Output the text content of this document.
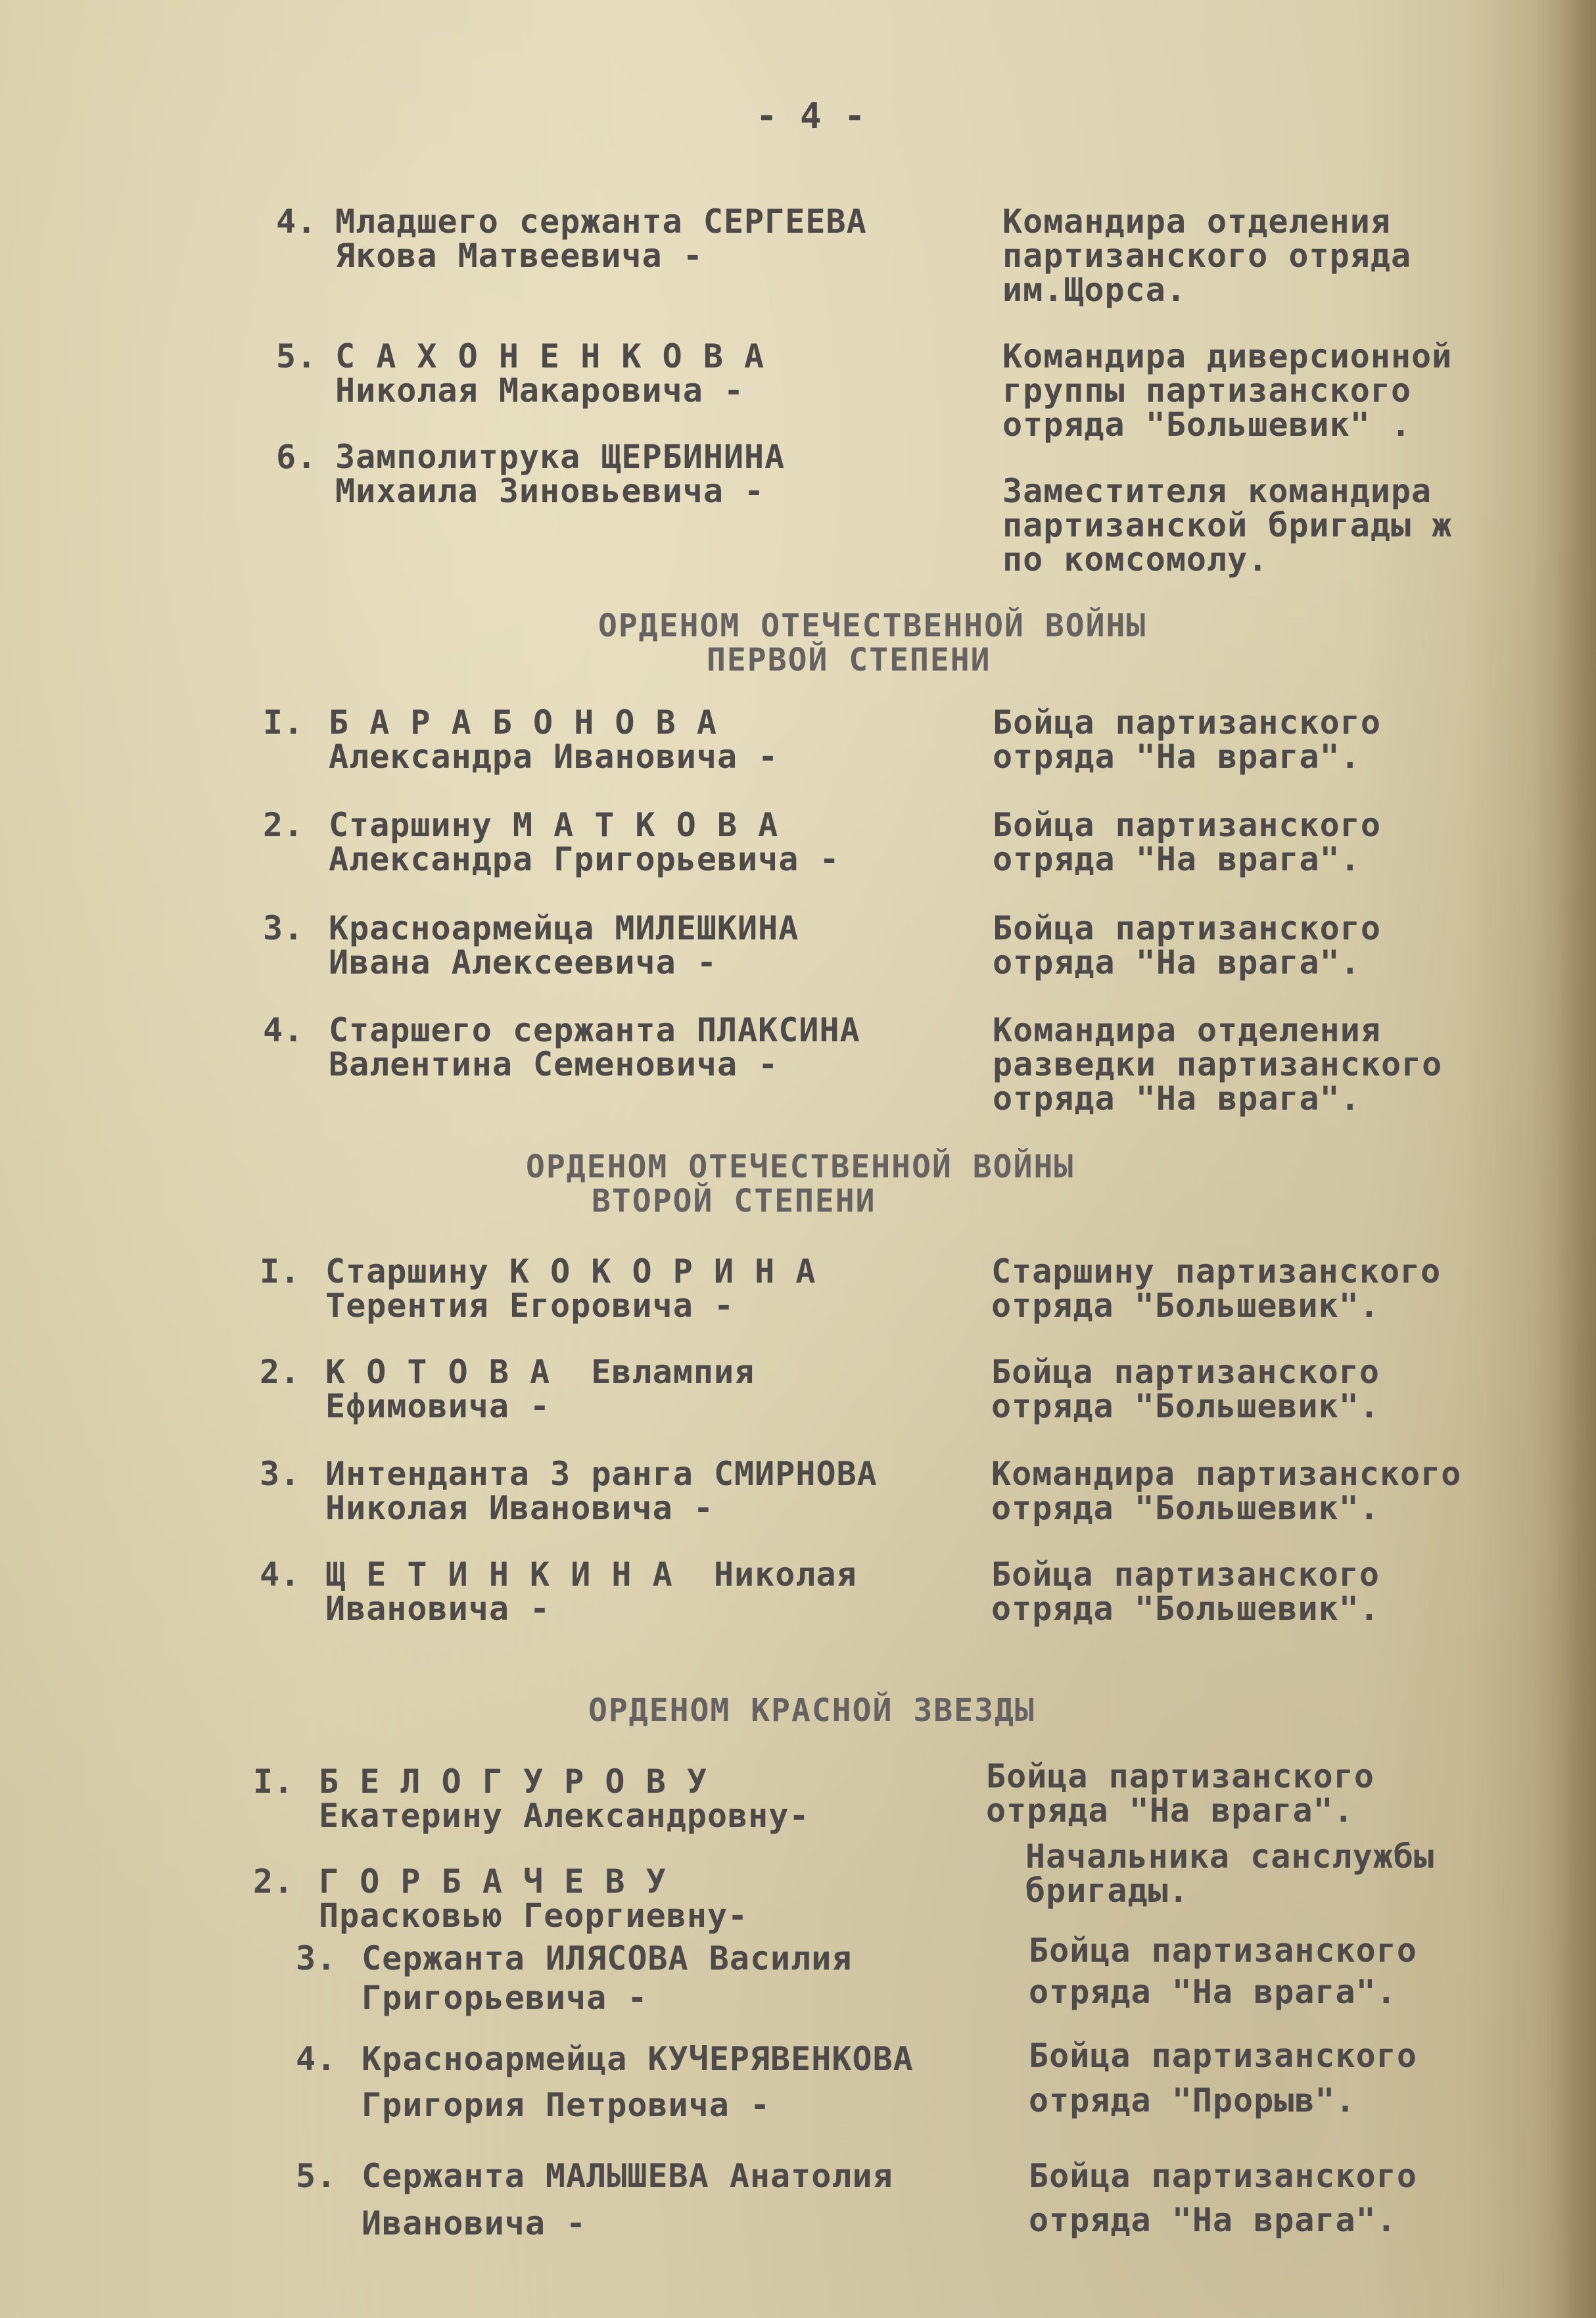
- 4 -
4. Младшего сержанта СЕРГЕЕВА
Якова Матвеевича -
Командира отделения
партизанского отряда
им.Щорса.
5. С А Х О Н Е Н К О В А
Николая Макаровича -
Командира диверсионной
группы партизанского
отряда "Большевик" .
6. Замполитрука ЩЕРБИНИНА
Михаила Зиновьевича -	Заместителя командира
партизанской бригады ж
по комсомолу.
ОРДЕНОМ ОТЕЧЕСТВЕННОЙ ВОЙНЫ
ПЕРВОЙ СТЕПЕНИ
I. Б А Р А Б О Н О В А
Александра Ивановича -
Бойца партизанского
отряда "На врага".
2. Старшину М А Т К О В А
Александра Григорьевича -
Бойца партизанского
отряда "На врага".
3. Красноармейца МИЛЕШКИНА
Ивана Алексеевича -
Бойца партизанского
отряда "На врага".
4. Старшего сержанта ПЛАКСИНА
Валентина Семеновича -
Командира отделения
разведки партизанского
отряда "На врага".
ОРДЕНОМ ОТЕЧЕСТВЕННОЙ ВОЙНЫ
ВТОРОЙ СТЕПЕНИ
I. Старшину К О К О Р И Н А
Терентия Егоровича -
Старшину партизанского
отряда "Большевик".
2. К О Т О В А  Евлампия
Ефимовича -
Бойца партизанского
отряда "Большевик".
3. Интенданта 3 ранга СМИРНОВА
Николая Ивановича -
Командира партизанского
отряда "Большевик".
4. Щ Е Т И Н К И Н А  Николая
Ивановича -
Бойца партизанского
отряда "Большевик".
ОРДЕНОМ КРАСНОЙ ЗВЕЗДЫ
I. Б Е Л О Г У Р О В У
Екатерину Александровну-
Бойца партизанского
отряда "На врага".
2. Г О Р Б А Ч Е В У
Прасковью Георгиевну-
Начальника санслужбы
бригады.
3. Сержанта ИЛЯСОВА Василия
Григорьевича -
Бойца партизанского
отряда "На врага".
4. Красноармейца КУЧЕРЯВЕНКОВА
Григория Петровича -
Бойца партизанского
отряда "Прорыв".
5. Сержанта МАЛЫШЕВА Анатолия
Ивановича -
Бойца партизанского
отряда "На врага".
